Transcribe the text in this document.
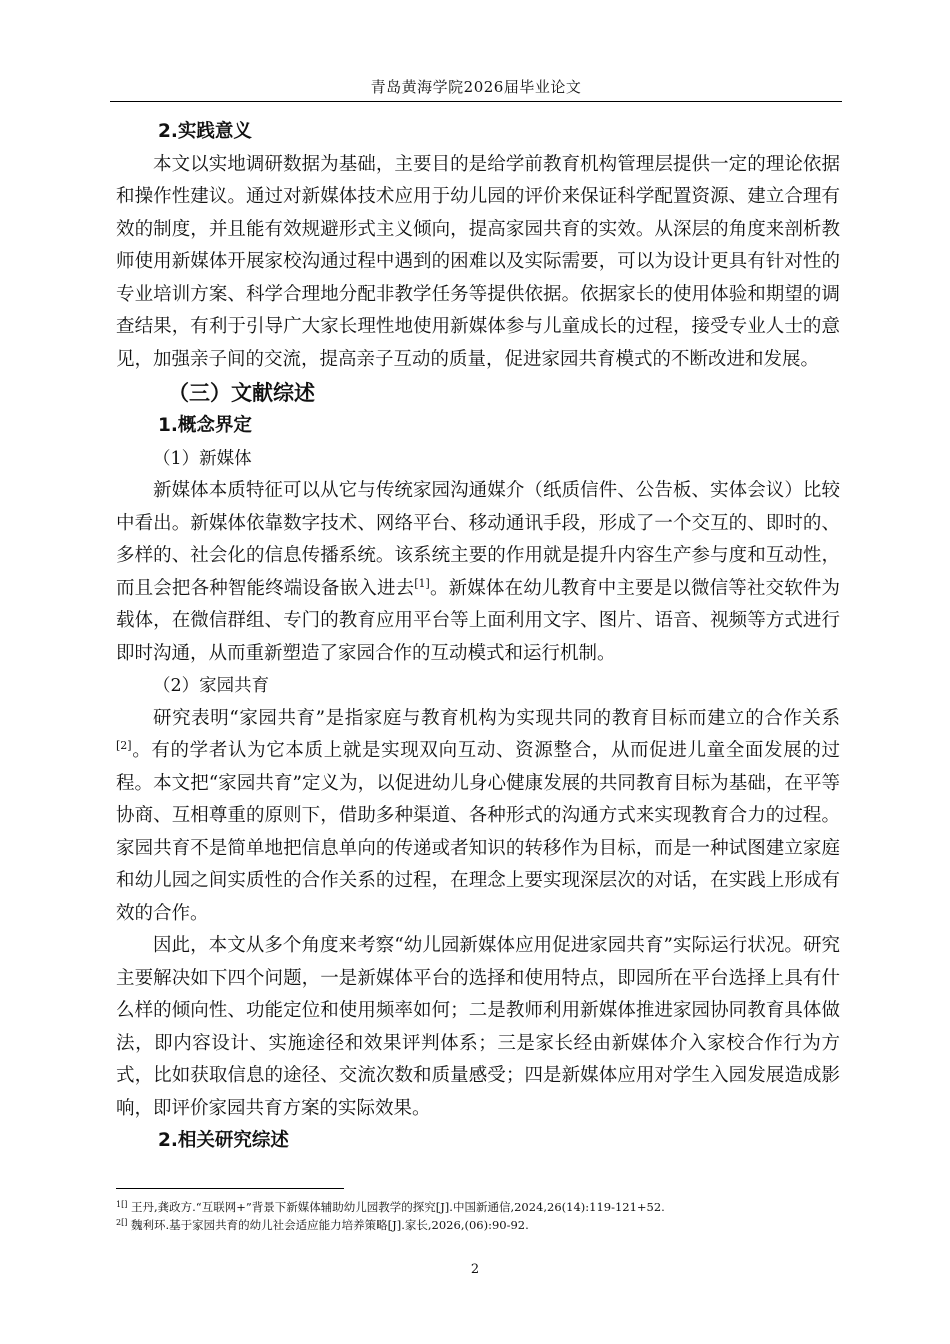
青岛黄海学院2026届毕业论文

2.实践意义

本文以实地调研数据为基础，主要目的是给学前教育机构管理层提供一定的理论依据和操作性建议。通过对新媒体技术应用于幼儿园的评价来保证科学配置资源、建立合理有效的制度，并且能有效规避形式主义倾向，提高家园共育的实效。从深层的角度来剖析教师使用新媒体开展家校沟通过程中遇到的困难以及实际需要，可以为设计更具有针对性的专业培训方案、科学合理地分配非教学任务等提供依据。依据家长的使用体验和期望的调查结果，有利于引导广大家长理性地使用新媒体参与儿童成长的过程，接受专业人士的意见，加强亲子间的交流，提高亲子互动的质量，促进家园共育模式的不断改进和发展。

（三）文献综述

1.概念界定

（1）新媒体

新媒体本质特征可以从它与传统家园沟通媒介（纸质信件、公告板、实体会议）比较中看出。新媒体依靠数字技术、网络平台、移动通讯手段，形成了一个交互的、即时的、多样的、社会化的信息传播系统。该系统主要的作用就是提升内容生产参与度和互动性，而且会把各种智能终端设备嵌入进去[1]。新媒体在幼儿教育中主要是以微信等社交软件为载体，在微信群组、专门的教育应用平台等上面利用文字、图片、语音、视频等方式进行即时沟通，从而重新塑造了家园合作的互动模式和运行机制。

（2）家园共育

研究表明“家园共育”是指家庭与教育机构为实现共同的教育目标而建立的合作关系[2]。有的学者认为它本质上就是实现双向互动、资源整合，从而促进儿童全面发展的过程。本文把“家园共育”定义为，以促进幼儿身心健康发展的共同教育目标为基础，在平等协商、互相尊重的原则下，借助多种渠道、各种形式的沟通方式来实现教育合力的过程。家园共育不是简单地把信息单向的传递或者知识的转移作为目标，而是一种试图建立家庭和幼儿园之间实质性的合作关系的过程，在理念上要实现深层次的对话，在实践上形成有效的合作。

因此，本文从多个角度来考察“幼儿园新媒体应用促进家园共育”实际运行状况。研究主要解决如下四个问题，一是新媒体平台的选择和使用特点，即园所在平台选择上具有什么样的倾向性、功能定位和使用频率如何；二是教师利用新媒体推进家园协同教育具体做法，即内容设计、实施途径和效果评判体系；三是家长经由新媒体介入家校合作行为方式，比如获取信息的途径、交流次数和质量感受；四是新媒体应用对学生入园发展造成影响，即评价家园共育方案的实际效果。

2.相关研究综述

$^{1[]}$ 王丹,龚政方.“互联网+”背景下新媒体辅助幼儿园教学的探究[J].中国新通信,2024,26(14):119-121+52.

$^{2[]}$ 魏利环.基于家园共育的幼儿社会适应能力培养策略[J].家长,2026,(06):90-92.

2
